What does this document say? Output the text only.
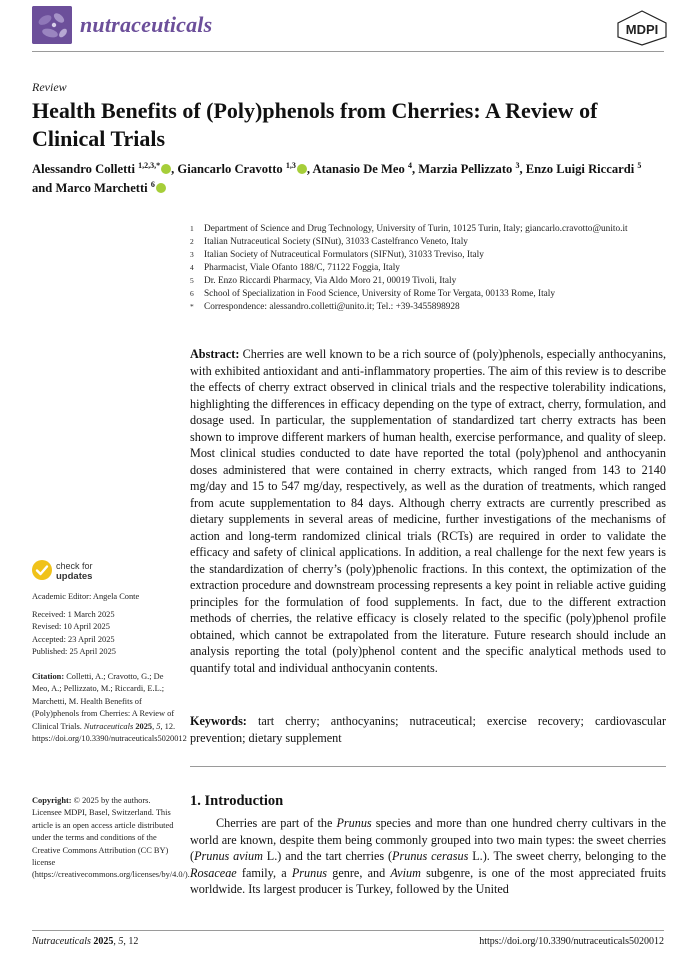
nutraceuticals	MDPI
Review
Health Benefits of (Poly)phenols from Cherries: A Review of Clinical Trials
Alessandro Colletti $^{1,2,3,*}$ , Giancarlo Cravotto $^{1,3}$ , Atanasio De Meo $^4$, Marzia Pellizzato $^3$, Enzo Luigi Riccardi $^5$
and Marco Marchetti $^6$
1	Department of Science and Drug Technology, University of Turin, 10125 Turin, Italy; giancarlo.cravotto@unito.it
2	Italian Nutraceutical Society (SINut), 31033 Castelfranco Veneto, Italy
3	Italian Society of Nutraceutical Formulators (SIFNut), 31033 Treviso, Italy
4	Pharmacist, Viale Ofanto 188/C, 71122 Foggia, Italy
5	Dr. Enzo Riccardi Pharmacy, Via Aldo Moro 21, 00019 Tivoli, Italy
6	School of Specialization in Food Science, University of Rome Tor Vergata, 00133 Rome, Italy
*	Correspondence: alessandro.colletti@unito.it; Tel.: +39-3455898928
Abstract: Cherries are well known to be a rich source of (poly)phenols, especially anthocyanins, with exhibited antioxidant and anti-inflammatory properties. The aim of this review is to describe the effects of cherry extract observed in clinical trials and the respective tolerability indications, highlighting the differences in efficacy depending on the type of extract, cherry, formulation, and dosage used. In particular, the supplementation of standardized tart cherry extracts has been shown to improve different markers of human health, exercise performance, and quality of sleep. Most clinical studies conducted to date have reported the total (poly)phenol and anthocyanin doses administered that were contained in cherry extracts, which ranged from 143 to 2140 mg/day and 15 to 547 mg/day, respectively, as well as the duration of treatments, which ranged from acute supplementation to 84 days. Although cherry extracts are currently prescribed as dietary supplements in several areas of medicine, further investigations of the mechanisms of action and long-term randomized clinical trials (RCTs) are required in order to validate the efficacy and safety of clinical applications. In addition, a real challenge for the next few years is the standardization of cherry’s (poly)phenolic fractions. In this context, the optimization of the extraction procedure and downstream processing represents a key point in reliable active guiding principles for the formulation of food supplements. In fact, due to the different extraction methods of cherries, the relative efficacy is closely related to the specific (poly)phenol profile obtained, which cannot be extrapolated from the literature. Future research should include an analysis reporting the total (poly)phenol content and the specific analytical methods used to quantify total and individual anthocyanin contents.
Keywords: tart cherry; anthocyanins; nutraceutical; exercise recovery; cardiovascular prevention; dietary supplement
1. Introduction
Cherries are part of the Prunus species and more than one hundred cherry cultivars in the world are known, despite them being commonly grouped into two main types: the sweet cherries (Prunus avium L.) and the tart cherries (Prunus cerasus L.). The sweet cherry, belonging to the Rosaceae family, a Prunus genre, and Avium subgenre, is one of the most appreciated fruits worldwide. Its largest producer is Turkey, followed by the United
check for
updates
Academic Editor: Angela Conte
Received: 1 March 2025
Revised: 10 April 2025
Accepted: 23 April 2025
Published: 25 April 2025
Citation: Colletti, A.; Cravotto, G.; De Meo, A.; Pellizzato, M.; Riccardi, E.L.; Marchetti, M. Health Benefits of (Poly)phenols from Cherries: A Review of Clinical Trials. Nutraceuticals 2025, 5, 12. https://doi.org/10.3390/nutraceuticals5020012
Copyright: © 2025 by the authors. Licensee MDPI, Basel, Switzerland. This article is an open access article distributed under the terms and conditions of the Creative Commons Attribution (CC BY) license (https://creativecommons.org/licenses/by/4.0/).
Nutraceuticals 2025, 5, 12	https://doi.org/10.3390/nutraceuticals5020012
